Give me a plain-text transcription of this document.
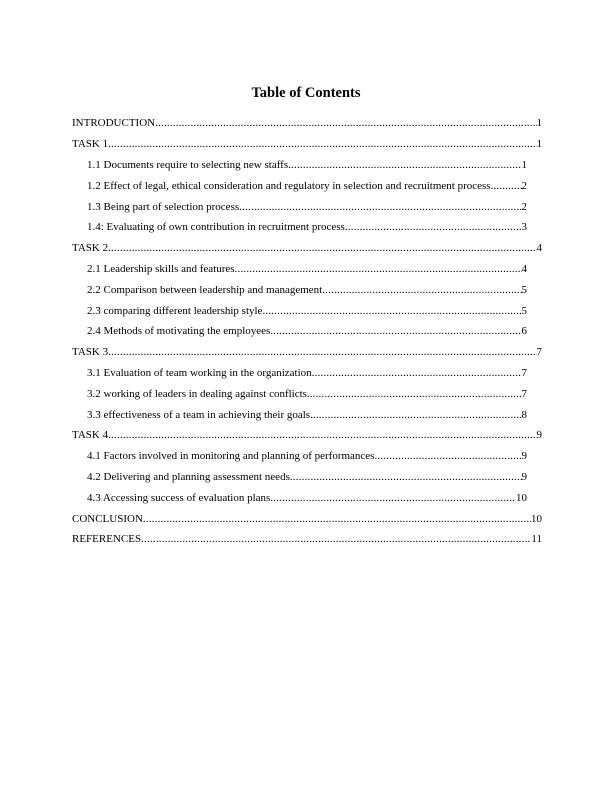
Table of Contents
INTRODUCTION .....	1
TASK 1 .....	1
1.1 Documents require to selecting new staffs .....	1
1.2 Effect of legal, ethical consideration and regulatory in selection and recruitment process. .....	2
1.3 Being part of selection process .....	2
1.4: Evaluating of own contribution in recruitment process .....	3
TASK 2 .....	4
2.1 Leadership skills and features .....	4
2.2 Comparison between leadership and management .....	5
2.3 comparing different leadership style .....	5
2.4 Methods of motivating the employees .....	6
TASK 3 .....	7
3.1 Evaluation of team working in the organization .....	7
3.2 working of leaders in dealing against conflicts. .....	7
3.3 effectiveness of a team in achieving their goals. .....	8
TASK 4 .....	9
4.1 Factors involved in monitoring and planning of performances .....	9
4.2 Delivering and planning assessment needs .....	9
4.3 Accessing success of evaluation plans .....	10
CONCLUSION .....	10
REFERENCES .....	11
